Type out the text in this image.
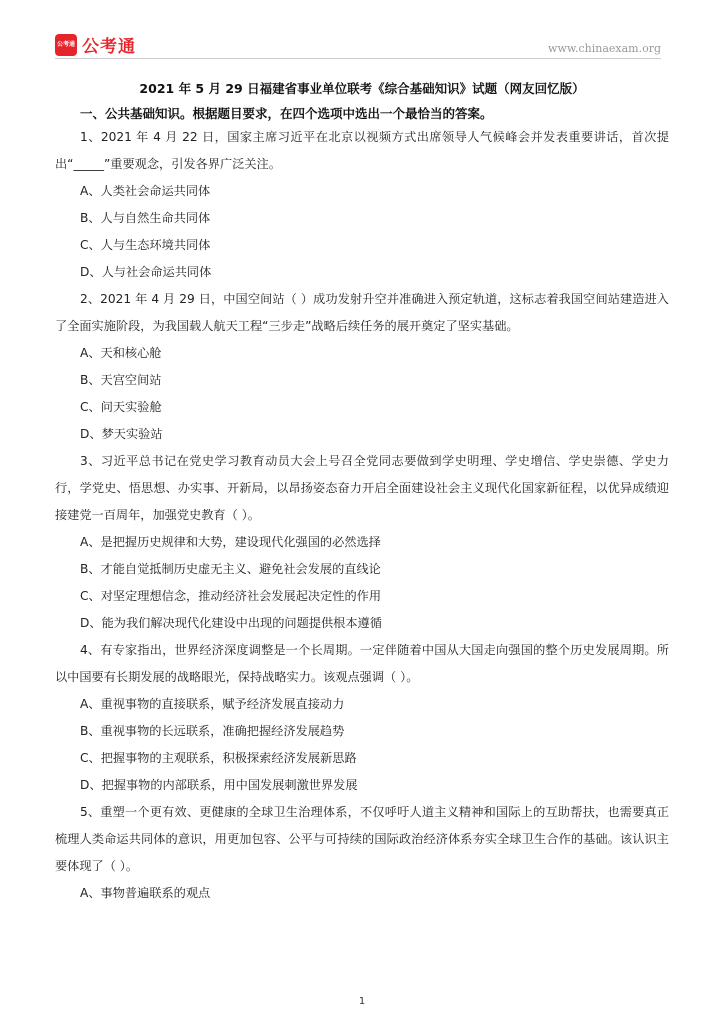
公考通 公考通	www.chinaexam.org
2021 年 5 月 29 日福建省事业单位联考《综合基础知识》试题（网友回忆版）
一、公共基础知识。根据题目要求，在四个选项中选出一个最恰当的答案。

1、2021 年 4 月 22 日，国家主席习近平在北京以视频方式出席领导人气候峰会并发表重要讲话，首次提出“_____”重要观念，引发各界广泛关注。

A、人类社会命运共同体

B、人与自然生命共同体

C、人与生态环境共同体

D、人与社会命运共同体

2、2021 年 4 月 29 日，中国空间站（ ）成功发射升空并准确进入预定轨道，这标志着我国空间站建造进入了全面实施阶段，为我国载人航天工程“三步走”战略后续任务的展开奠定了坚实基础。

A、天和核心舱

B、天宫空间站

C、问天实验舱

D、梦天实验站

3、习近平总书记在党史学习教育动员大会上号召全党同志要做到学史明理、学史增信、学史崇德、学史力行，学党史、悟思想、办实事、开新局，以昂扬姿态奋力开启全面建设社会主义现代化国家新征程，以优异成绩迎接建党一百周年，加强党史教育（ ）。

A、是把握历史规律和大势，建设现代化强国的必然选择

B、才能自觉抵制历史虚无主义、避免社会发展的直线论

C、对坚定理想信念，推动经济社会发展起决定性的作用

D、能为我们解决现代化建设中出现的问题提供根本遵循

4、有专家指出，世界经济深度调整是一个长周期。一定伴随着中国从大国走向强国的整个历史发展周期。所以中国要有长期发展的战略眼光，保持战略实力。该观点强调（ ）。

A、重视事物的直接联系，赋予经济发展直接动力

B、重视事物的长远联系，准确把握经济发展趋势

C、把握事物的主观联系，积极探索经济发展新思路

D、把握事物的内部联系，用中国发展刺激世界发展

5、重塑一个更有效、更健康的全球卫生治理体系，不仅呼吁人道主义精神和国际上的互助帮扶，也需要真正梳理人类命运共同体的意识，用更加包容、公平与可持续的国际政治经济体系夯实全球卫生合作的基础。该认识主要体现了（ ）。

A、事物普遍联系的观点

1
